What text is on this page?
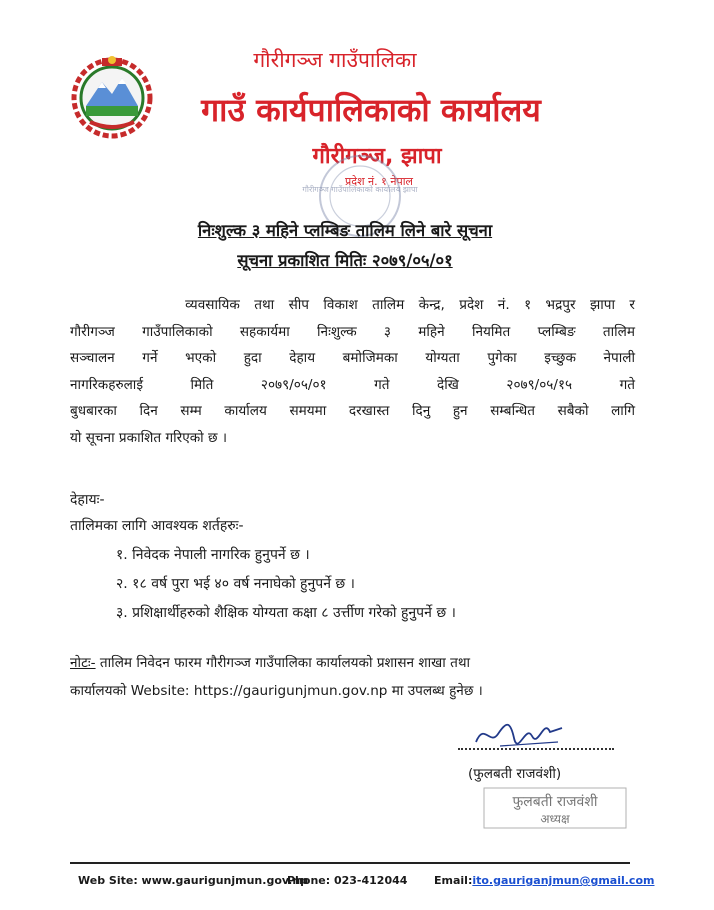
गौरीगञ्ज गाउँपालिका
गाउँ कार्यपालिकाको कार्यालय
गौरीगञ्ज, झापा
प्रदेश नं. १ नेपाल
गौरीगञ्ज गाउँपालिकाको कार्यालय झापा
निःशुल्क ३ महिने प्लम्बिङ तालिम लिने बारे सूचना
सूचना प्रकाशित मितिः २०७९/०५/०१
व्यवसायिक तथा सीप विकाश तालिम केन्द्र, प्रदेश नं. १ भद्रपुर झापा र
गौरीगञ्ज गाउँपालिकाको सहकार्यमा निःशुल्क ३ महिने नियमित प्लम्बिङ तालिम
सञ्चालन गर्ने भएको हुदा देहाय बमोजिमका योग्यता पुगेका इच्छुक नेपाली
नागरिकहरुलाई मिति २०७९/०५/०१ गते देखि २०७९/०५/१५ गते
बुधबारका दिन सम्म कार्यालय समयमा दरखास्त दिनु हुन सम्बन्धित सबैको लागि
यो सूचना प्रकाशित गरिएको छ ।
देहायः-
तालिमका लागि आवश्यक शर्तहरुः-
१. निवेदक नेपाली नागरिक हुनुपर्ने छ ।
२. १८ वर्ष पुरा भई ४० वर्ष ननाघेको हुनुपर्ने छ ।
३. प्रशिक्षार्थीहरुको शैक्षिक योग्यता कक्षा ८ उर्त्तीण गरेको हुनुपर्ने छ ।
नोटः- तालिम निवेदन फारम गौरीगञ्ज गाउँपालिका कार्यालयको प्रशासन शाखा तथा
कार्यालयको Website: https://gaurigunjmun.gov.np मा उपलब्ध हुनेछ ।
(फुलबती राजवंशी)
फुलबती राजवंशी
अध्यक्ष
Web Site: www.gaurigunjmun.gov.np
Phone: 023-412044 Email:ito.gauriganjmun@gmail.com
